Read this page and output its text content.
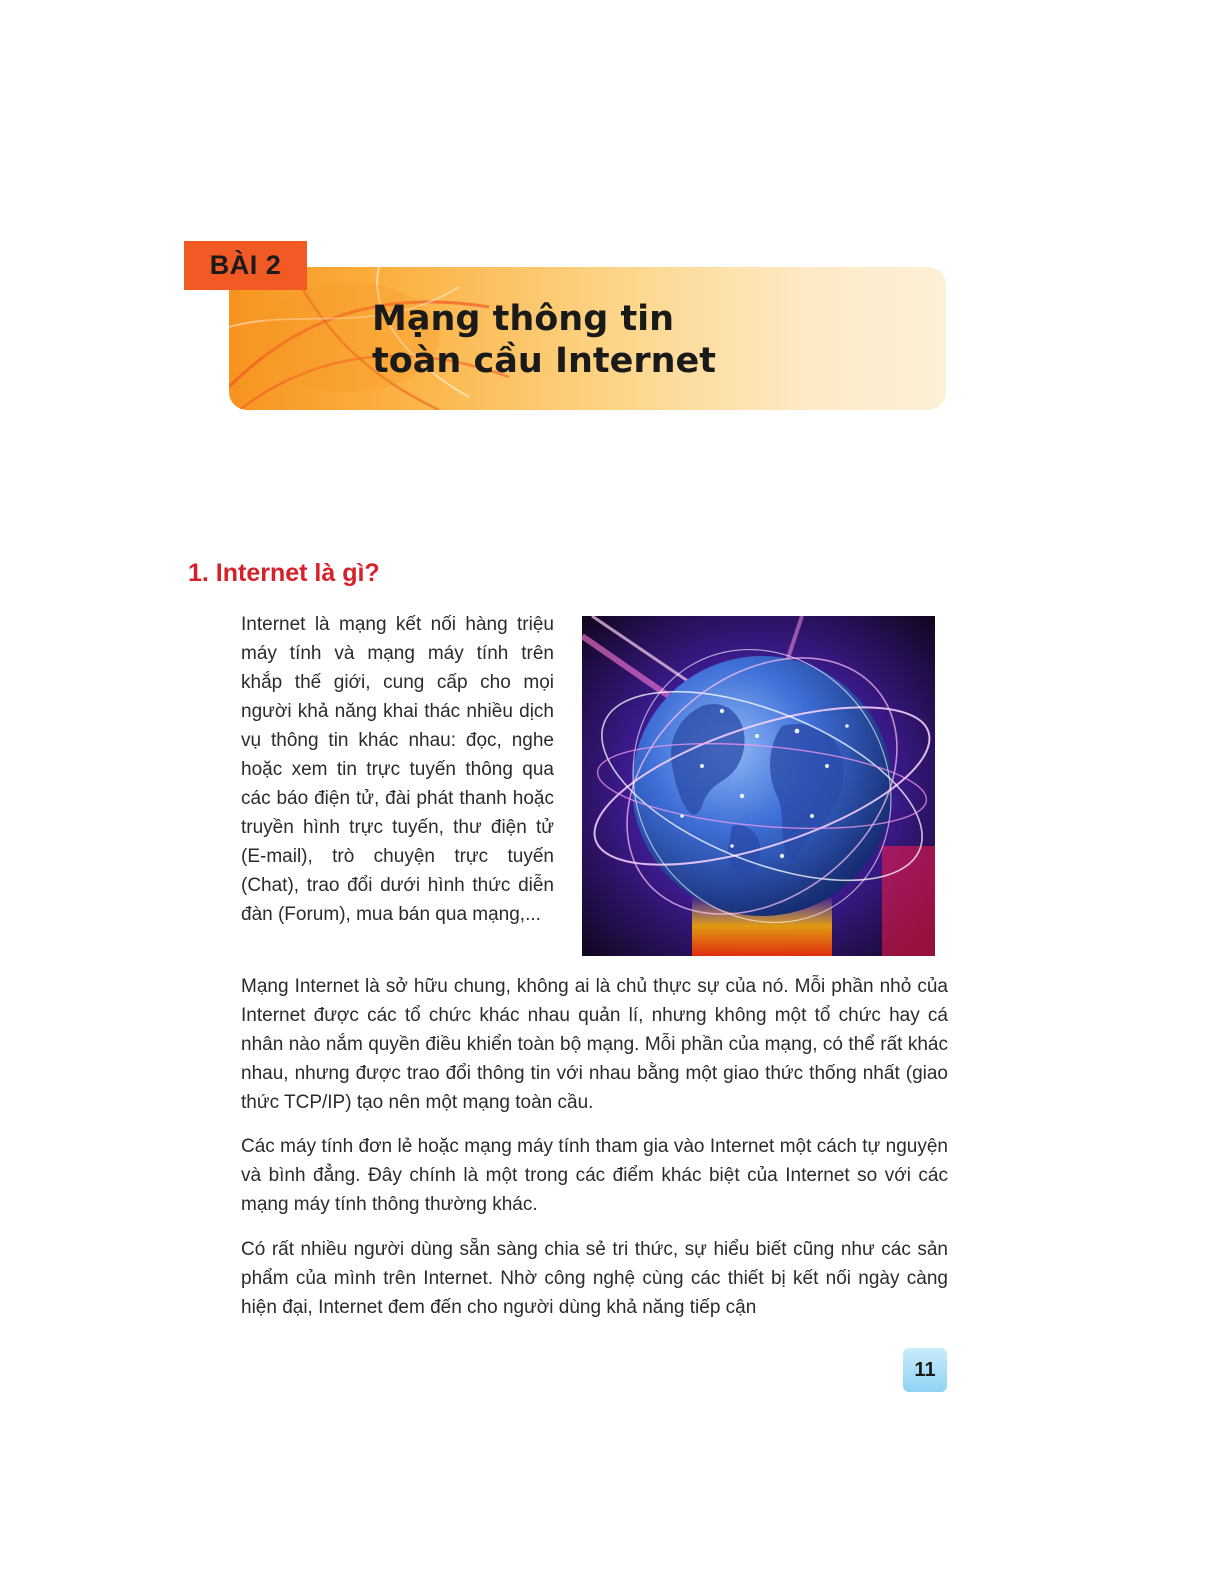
BÀI 2
Mạng thông tin
toàn cầu Internet
1. Internet là gì?

Internet là mạng kết nối hàng triệu máy tính và mạng máy tính trên khắp thế giới, cung cấp cho mọi người khả năng khai thác nhiều dịch vụ thông tin khác nhau: đọc, nghe hoặc xem tin trực tuyến thông qua các báo điện tử, đài phát thanh hoặc truyền hình trực tuyến, thư điện tử (E-mail), trò chuyện trực tuyến (Chat), trao đổi dưới hình thức diễn đàn (Forum), mua bán qua mạng,...

Mạng Internet là sở hữu chung, không ai là chủ thực sự của nó. Mỗi phần nhỏ của Internet được các tổ chức khác nhau quản lí, nhưng không một tổ chức hay cá nhân nào nắm quyền điều khiển toàn bộ mạng. Mỗi phần của mạng, có thể rất khác nhau, nhưng được trao đổi thông tin với nhau bằng một giao thức thống nhất (giao thức TCP/IP) tạo nên một mạng toàn cầu.

Các máy tính đơn lẻ hoặc mạng máy tính tham gia vào Internet một cách tự nguyện và bình đẳng. Đây chính là một trong các điểm khác biệt của Internet so với các mạng máy tính thông thường khác.

Có rất nhiều người dùng sẵn sàng chia sẻ tri thức, sự hiểu biết cũng như các sản phẩm của mình trên Internet. Nhờ công nghệ cùng các thiết bị kết nối ngày càng hiện đại, Internet đem đến cho người dùng khả năng tiếp cận

11
